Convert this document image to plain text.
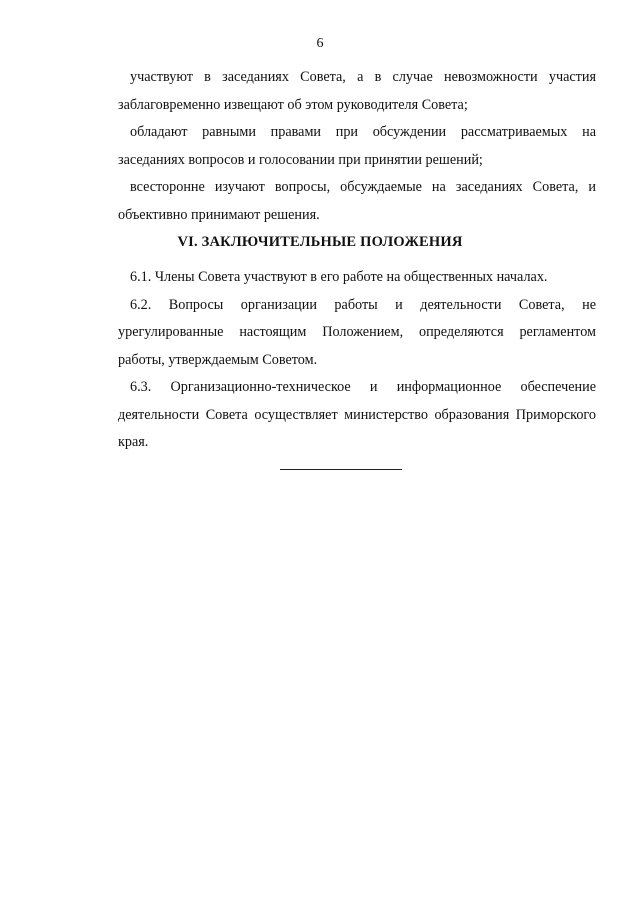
6

участвуют в заседаниях Совета, а в случае невозможности участия заблаговременно извещают об этом руководителя Совета;

обладают равными правами при обсуждении рассматриваемых на заседаниях вопросов и голосовании при принятии решений;

всесторонне изучают вопросы, обсуждаемые на заседаниях Совета, и объективно принимают решения.

VI. ЗАКЛЮЧИТЕЛЬНЫЕ ПОЛОЖЕНИЯ

6.1. Члены Совета участвуют в его работе на общественных началах.

6.2. Вопросы организации работы и деятельности Совета, не урегулированные настоящим Положением, определяются регламентом работы, утверждаемым Советом.

6.3. Организационно-техническое и информационное обеспечение деятельности Совета осуществляет министерство образования Приморского края.
